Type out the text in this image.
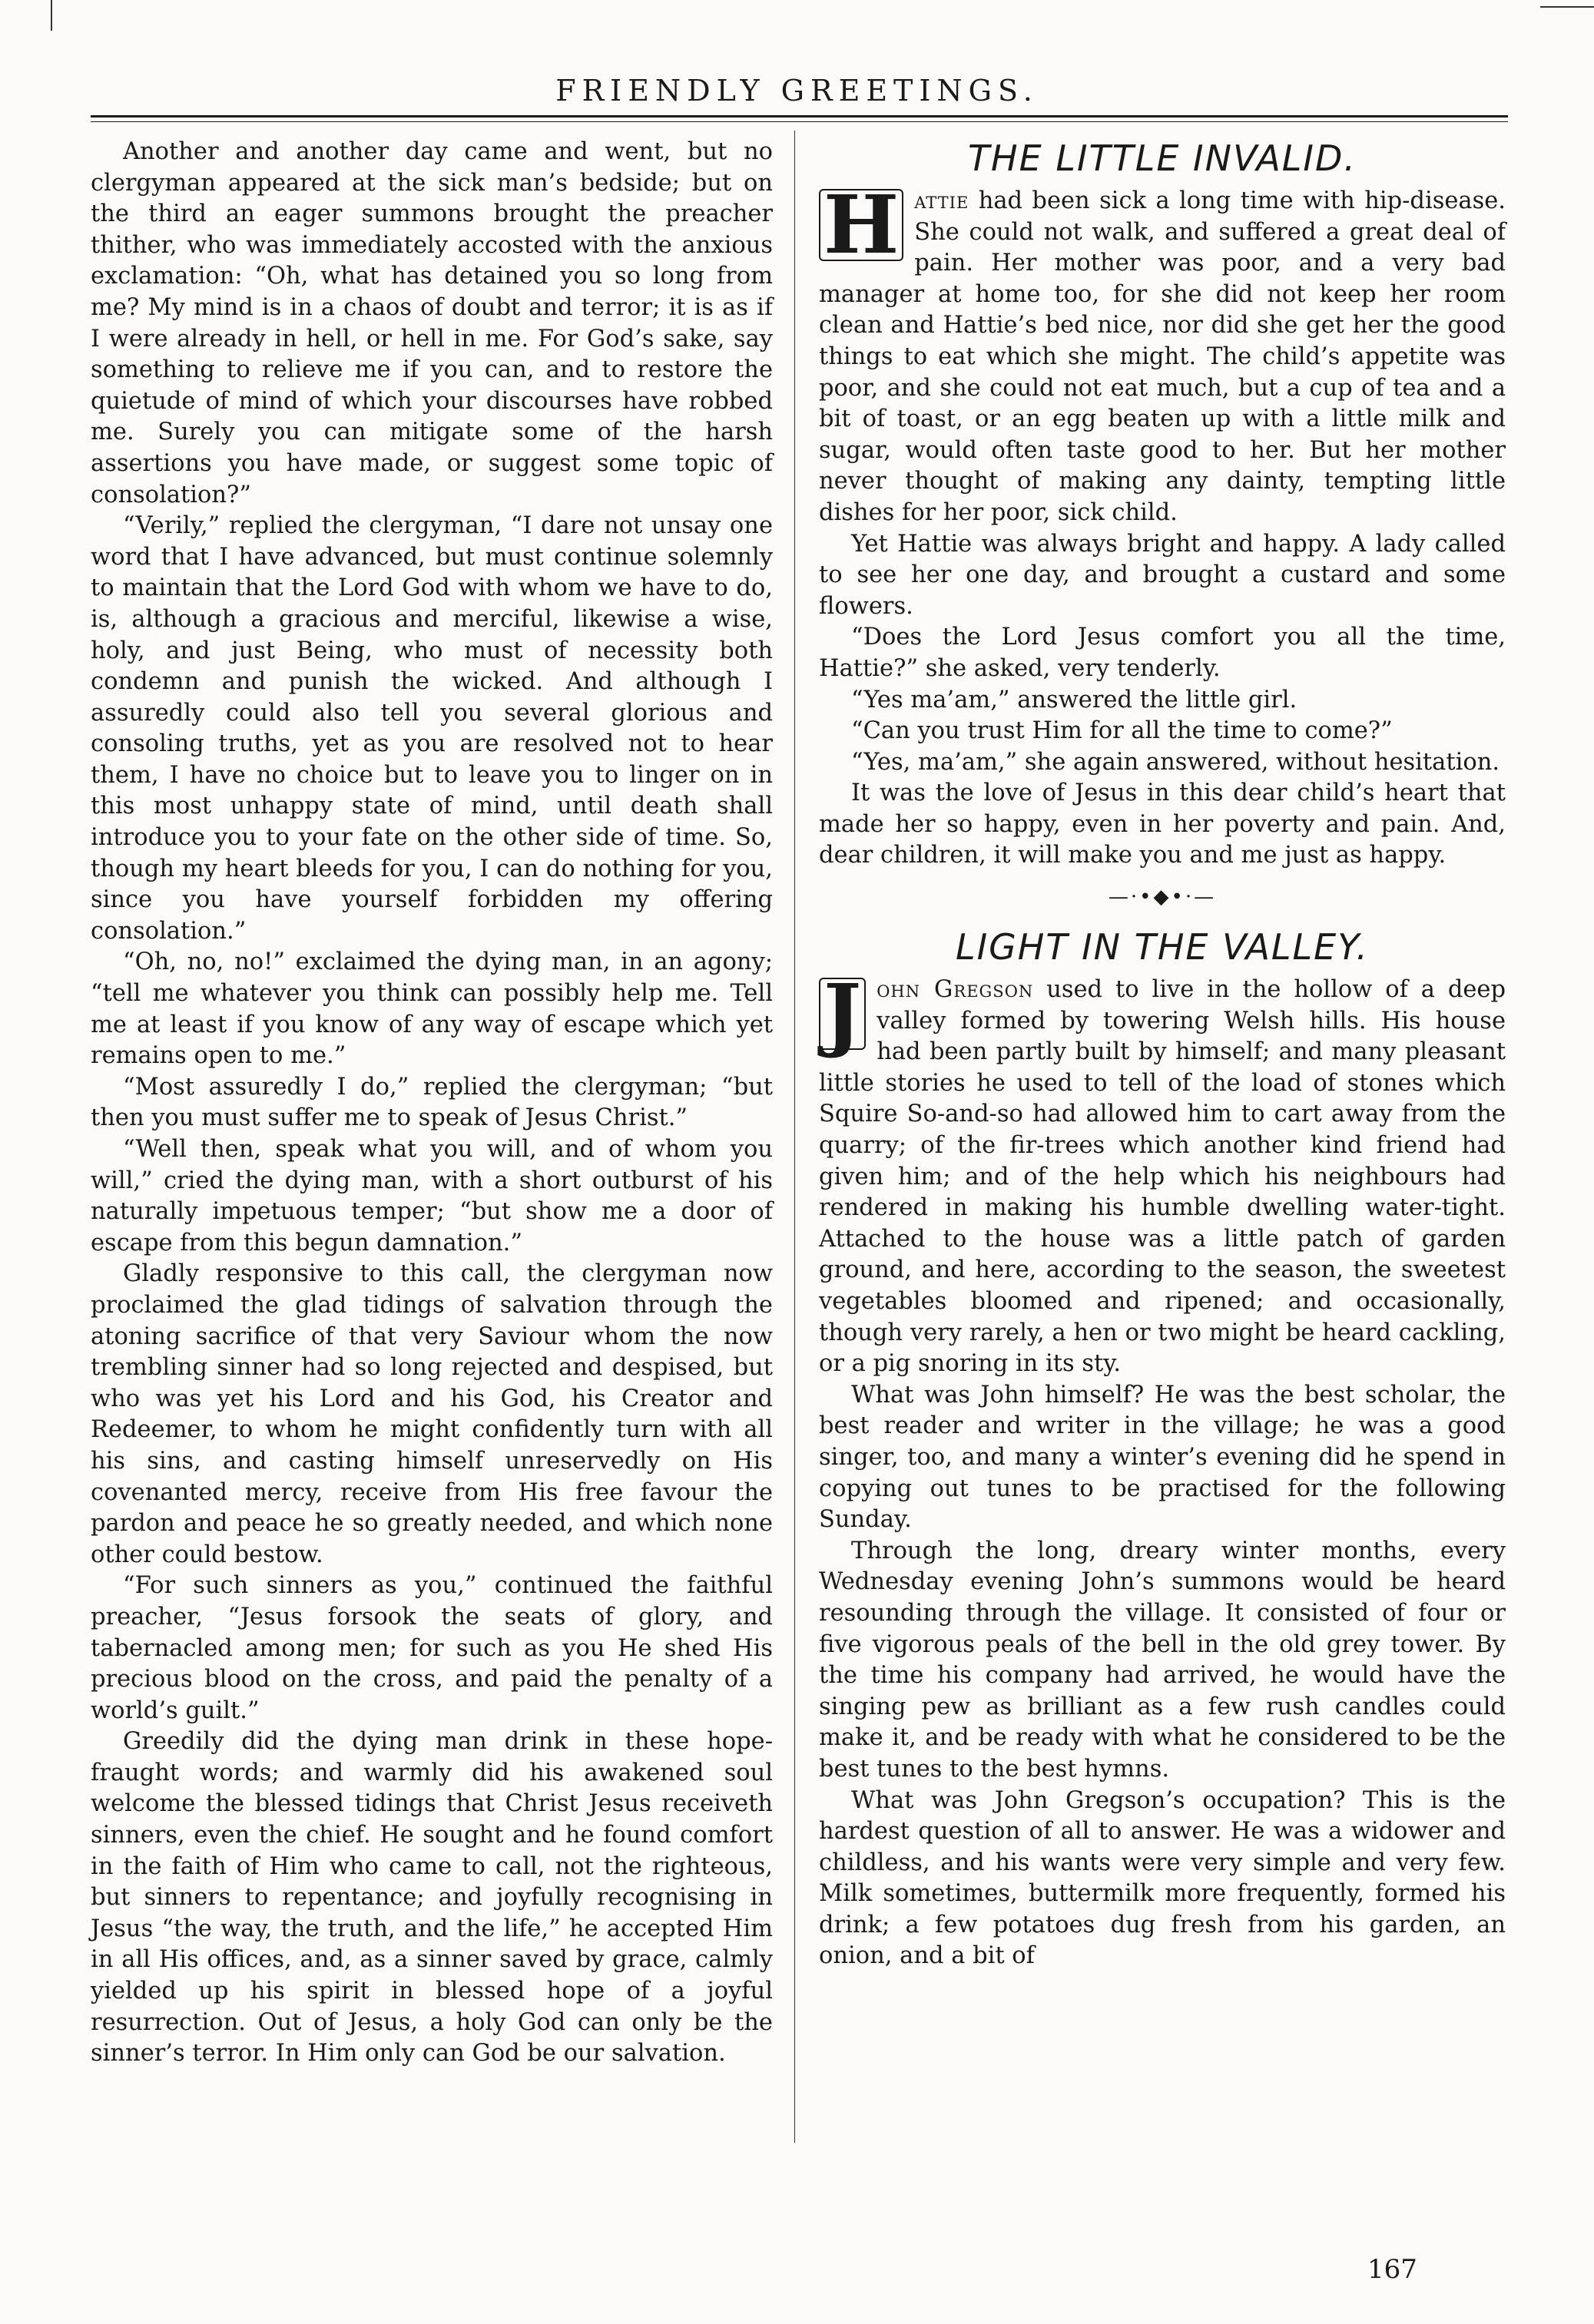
FRIENDLY GREETINGS.

Another and another day came and went, but no clergyman appeared at the sick man’s bedside; but on the third an eager summons brought the preacher thither, who was immediately accosted with the anxious exclamation: “Oh, what has detained you so long from me? My mind is in a chaos of doubt and terror; it is as if I were already in hell, or hell in me. For God’s sake, say something to relieve me if you can, and to restore the quietude of mind of which your discourses have robbed me. Surely you can mitigate some of the harsh assertions you have made, or suggest some topic of consolation?”

“Verily,” replied the clergyman, “I dare not unsay one word that I have advanced, but must continue solemnly to maintain that the Lord God with whom we have to do, is, although a gracious and merciful, likewise a wise, holy, and just Being, who must of necessity both condemn and punish the wicked. And although I assuredly could also tell you several glorious and consoling truths, yet as you are resolved not to hear them, I have no choice but to leave you to linger on in this most unhappy state of mind, until death shall introduce you to your fate on the other side of time. So, though my heart bleeds for you, I can do nothing for you, since you have yourself forbidden my offering consolation.”

“Oh, no, no!” exclaimed the dying man, in an agony; “tell me whatever you think can possibly help me. Tell me at least if you know of any way of escape which yet remains open to me.”

“Most assuredly I do,” replied the clergyman; “but then you must suffer me to speak of Jesus Christ.”

“Well then, speak what you will, and of whom you will,” cried the dying man, with a short outburst of his naturally impetuous temper; “but show me a door of escape from this begun damnation.”

Gladly responsive to this call, the clergyman now proclaimed the glad tidings of salvation through the atoning sacrifice of that very Saviour whom the now trembling sinner had so long rejected and despised, but who was yet his Lord and his God, his Creator and Redeemer, to whom he might confidently turn with all his sins, and casting himself unreservedly on His covenanted mercy, receive from His free favour the pardon and peace he so greatly needed, and which none other could bestow.

“For such sinners as you,” continued the faithful preacher, “Jesus forsook the seats of glory, and tabernacled among men; for such as you He shed His precious blood on the cross, and paid the penalty of a world’s guilt.”

Greedily did the dying man drink in these hope-fraught words; and warmly did his awakened soul welcome the blessed tidings that Christ Jesus receiveth sinners, even the chief. He sought and he found comfort in the faith of Him who came to call, not the righteous, but sinners to repentance; and joyfully recognising in Jesus “the way, the truth, and the life,” he accepted Him in all His offices, and, as a sinner saved by grace, calmly yielded up his spirit in blessed hope of a joyful resurrection. Out of Jesus, a holy God can only be the sinner’s terror. In Him only can God be our salvation.

THE LITTLE INVALID.

H attie had been sick a long time with hip-disease. She could not walk, and suffered a great deal of pain. Her mother was poor, and a very bad manager at home too, for she did not keep her room clean and Hattie’s bed nice, nor did she get her the good things to eat which she might. The child’s appetite was poor, and she could not eat much, but a cup of tea and a bit of toast, or an egg beaten up with a little milk and sugar, would often taste good to her. But her mother never thought of making any dainty, tempting little dishes for her poor, sick child.

Yet Hattie was always bright and happy. A lady called to see her one day, and brought a custard and some flowers.

“Does the Lord Jesus comfort you all the time, Hattie?” she asked, very tenderly.

“Yes ma’am,” answered the little girl.

“Can you trust Him for all the time to come?”

“Yes, ma’am,” she again answered, without hesitation.

It was the love of Jesus in this dear child’s heart that made her so happy, even in her poverty and pain. And, dear children, it will make you and me just as happy.

—·•◆•·—
LIGHT IN THE VALLEY.

J ohn Gregson used to live in the hollow of a deep valley formed by towering Welsh hills. His house had been partly built by himself; and many pleasant little stories he used to tell of the load of stones which Squire So-and-so had allowed him to cart away from the quarry; of the fir-trees which another kind friend had given him; and of the help which his neighbours had rendered in making his humble dwelling water-tight. Attached to the house was a little patch of garden ground, and here, according to the season, the sweetest vegetables bloomed and ripened; and occasionally, though very rarely, a hen or two might be heard cackling, or a pig snoring in its sty.

What was John himself? He was the best scholar, the best reader and writer in the village; he was a good singer, too, and many a winter’s evening did he spend in copying out tunes to be practised for the following Sunday.

Through the long, dreary winter months, every Wednesday evening John’s summons would be heard resounding through the village. It consisted of four or five vigorous peals of the bell in the old grey tower. By the time his company had arrived, he would have the singing pew as brilliant as a few rush candles could make it, and be ready with what he considered to be the best tunes to the best hymns.

What was John Gregson’s occupation? This is the hardest question of all to answer. He was a widower and childless, and his wants were very simple and very few. Milk sometimes, buttermilk more frequently, formed his drink; a few potatoes dug fresh from his garden, an onion, and a bit of

167
